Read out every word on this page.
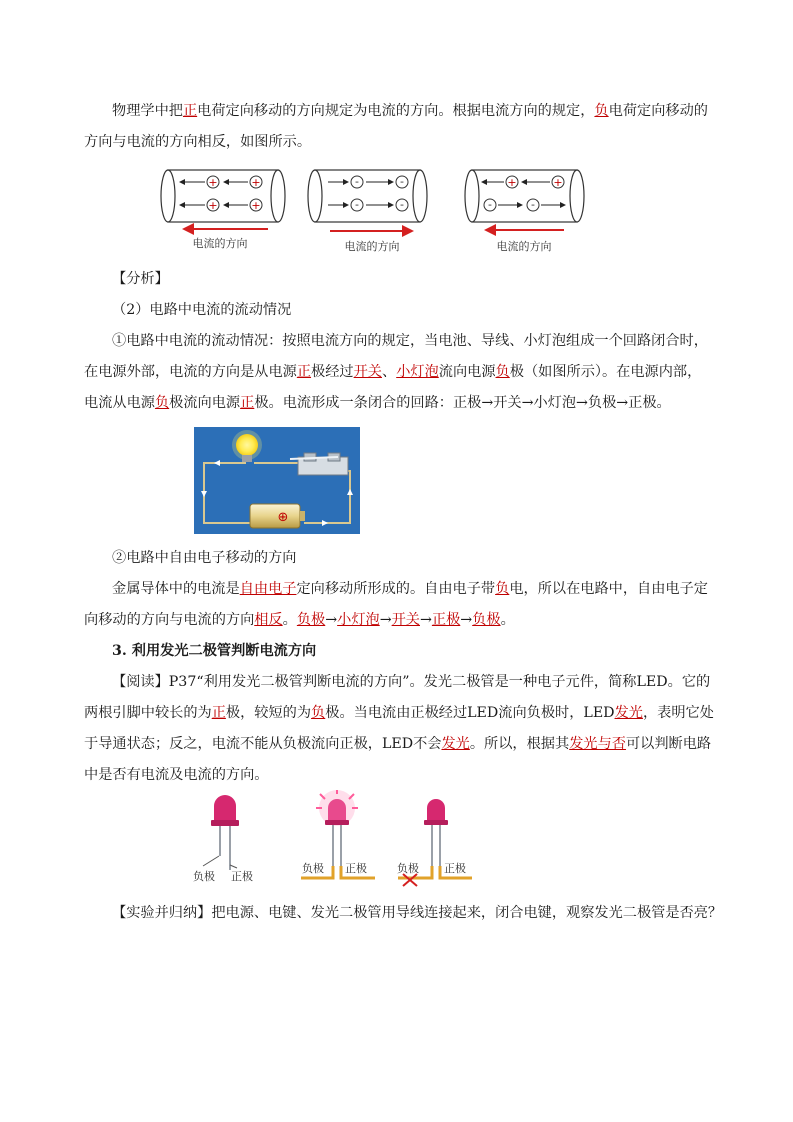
物理学中把正电荷定向移动的方向规定为电流的方向。根据电流方向的规定，负电荷定向移动的方向与电流的方向相反，如图所示。
+	+
+	+
电流的方向
-	-
-	-
电流的方向
+	+
-	-
电流的方向
【分析】
（2）电路中电流的流动情况
①电路中电流的流动情况：按照电流方向的规定，当电池、导线、小灯泡组成一个回路闭合时，在电源外部，电流的方向是从电源正极经过开关、小灯泡流向电源负极（如图所示）。在电源内部，电流从电源负极流向电源正极。电流形成一条闭合的回路：正极→开关→小灯泡→负极→正极。
⊕
②电路中自由电子移动的方向
金属导体中的电流是自由电子定向移动所形成的。自由电子带负电，所以在电路中，自由电子定向移动的方向与电流的方向相反。负极→小灯泡→开关→正极→负极。
3. 利用发光二极管判断电流方向
【阅读】P37“利用发光二极管判断电流的方向”。发光二极管是一种电子元件，简称LED。它的两根引脚中较长的为正极，较短的为负极。当电流由正极经过LED流向负极时，LED发光，表明它处于导通状态；反之，电流不能从负极流向正极，LED不会发光。所以，根据其发光与否可以判断电路中是否有电流及电流的方向。
负极 正极
负极 正极	负极 正极
【实验并归纳】把电源、电键、发光二极管用导线连接起来，闭合电键，观察发光二极管是否亮？
